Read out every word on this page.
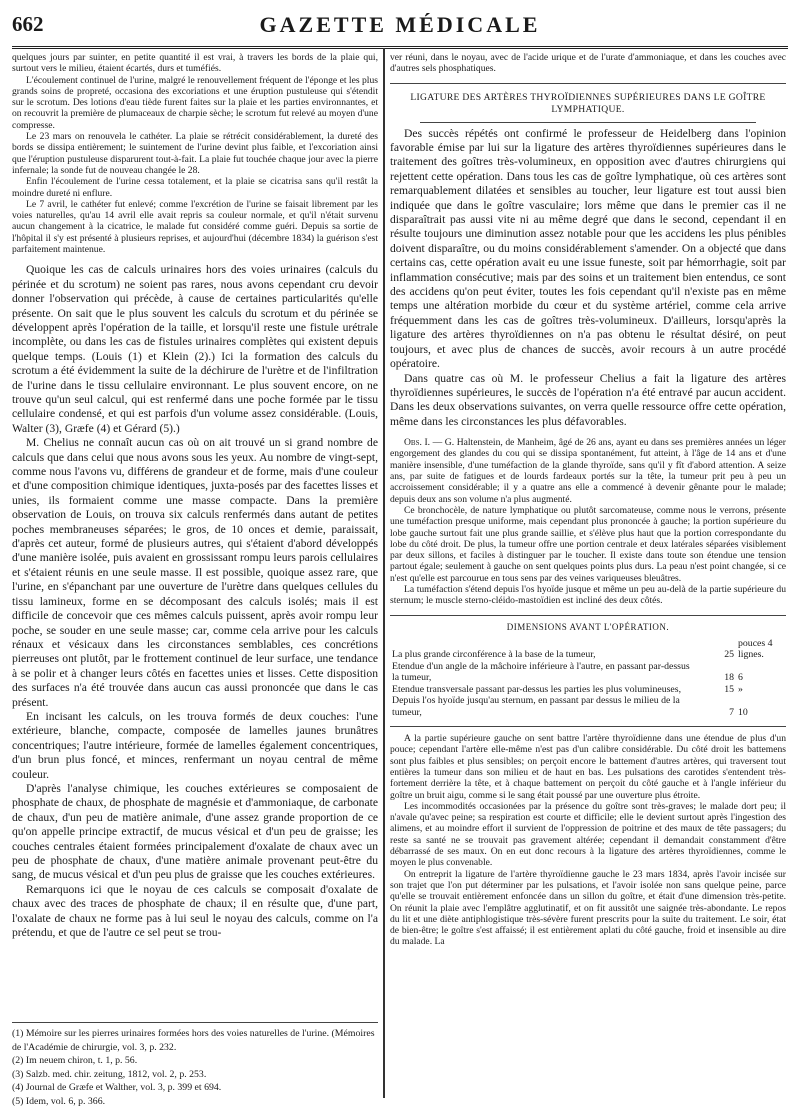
662	GAZETTE MÉDICALE

quelques jours par suinter, en petite quantité il est vrai, à travers les bords de la plaie qui, surtout vers le milieu, étaient écartés, durs et tuméfiés.

L'écoulement continuel de l'urine, malgré le renouvellement fréquent de l'éponge et les plus grands soins de propreté, occasiona des excoriations et une éruption pustuleuse qui s'étendit sur le scrotum. Des lotions d'eau tiède furent faites sur la plaie et les parties environnantes, et on recouvrit la première de plumaceaux de charpie sèche; le scrotum fut relevé au moyen d'une compresse.

Le 23 mars on renouvela le cathéter. La plaie se rétrécit considérablement, la dureté des bords se dissipa entièrement; le suintement de l'urine devint plus faible, et l'excoriation ainsi que l'éruption pustuleuse disparurent tout-à-fait. La plaie fut touchée chaque jour avec la pierre infernale; la sonde fut de nouveau changée le 28.

Enfin l'écoulement de l'urine cessa totalement, et la plaie se cicatrisa sans qu'il restât la moindre dureté ni enflure.

Le 7 avril, le cathéter fut enlevé; comme l'excrétion de l'urine se faisait librement par les voies naturelles, qu'au 14 avril elle avait repris sa couleur normale, et qu'il n'était survenu aucun changement à la cicatrice, le malade fut considéré comme guéri. Depuis sa sortie de l'hôpital il s'y est présenté à plusieurs reprises, et aujourd'hui (décembre 1834) la guérison s'est parfaitement maintenue.

Quoique les cas de calculs urinaires hors des voies urinaires (calculs du périnée et du scrotum) ne soient pas rares, nous avons cependant cru devoir donner l'observation qui précède, à cause de certaines particularités qu'elle présente. On sait que le plus souvent les calculs du scrotum et du périnée se développent après l'opération de la taille, et lorsqu'il reste une fistule urétrale incomplète, ou dans les cas de fistules urinaires complètes qui existent depuis quelque temps. (Louis (1) et Klein (2).) Ici la formation des calculs du scrotum a été évidemment la suite de la déchirure de l'urètre et de l'infiltration de l'urine dans le tissu cellulaire environnant. Le plus souvent encore, on ne trouve qu'un seul calcul, qui est renfermé dans une poche formée par le tissu cellulaire condensé, et qui est parfois d'un volume assez considérable. (Louis, Walter (3), Græfe (4) et Gérard (5).)

M. Chelius ne connaît aucun cas où on ait trouvé un si grand nombre de calculs que dans celui que nous avons sous les yeux. Au nombre de vingt-sept, comme nous l'avons vu, différens de grandeur et de forme, mais d'une couleur et d'une composition chimique identiques, juxta-posés par des facettes lisses et unies, ils formaient comme une masse compacte. Dans la première observation de Louis, on trouva six calculs renfermés dans autant de petites poches membraneuses séparées; le gros, de 10 onces et demie, paraissait, d'après cet auteur, formé de plusieurs autres, qui s'étaient d'abord développés d'une manière isolée, puis avaient en grossissant rompu leurs parois cellulaires et s'étaient réunis en une seule masse. Il est possible, quoique assez rare, que l'urine, en s'épanchant par une ouverture de l'urètre dans quelques cellules du tissu lamineux, forme en se décomposant des calculs isolés; mais il est difficile de concevoir que ces mêmes calculs puissent, après avoir rompu leur poche, se souder en une seule masse; car, comme cela arrive pour les calculs rénaux et vésicaux dans les circonstances semblables, ces concrétions pierreuses ont plutôt, par le frottement continuel de leur surface, une tendance à se polir et à changer leurs côtés en facettes unies et lisses. Cette disposition des surfaces n'a été trouvée dans aucun cas aussi prononcée que dans le cas présent.

En incisant les calculs, on les trouva formés de deux couches: l'une extérieure, blanche, compacte, composée de lamelles jaunes brunâtres concentriques; l'autre intérieure, formée de lamelles également concentriques, d'un brun plus foncé, et minces, renfermant un noyau central de même couleur.

D'après l'analyse chimique, les couches extérieures se composaient de phosphate de chaux, de phosphate de magnésie et d'ammoniaque, de carbonate de chaux, d'un peu de matière animale, d'une assez grande proportion de ce qu'on appelle principe extractif, de mucus vésical et d'un peu de graisse; les couches centrales étaient formées principalement d'oxalate de chaux avec un peu de phosphate de chaux, d'une matière animale provenant peut-être du sang, de mucus vésical et d'un peu plus de graisse que les couches extérieures.

Remarquons ici que le noyau de ces calculs se composait d'oxalate de chaux avec des traces de phosphate de chaux; il en résulte que, d'une part, l'oxalate de chaux ne forme pas à lui seul le noyau des calculs, comme on l'a prétendu, et que de l'autre ce sel peut se trou-

(1) Mémoire sur les pierres urinaires formées hors des voies naturelles de l'urine. (Mémoires de l'Académie de chirurgie, vol. 3, p. 232.
(2) Im neuem chiron, t. 1, p. 56.
(3) Salzb. med. chir. zeitung, 1812, vol. 2, p. 253.
(4) Journal de Græfe et Walther, vol. 3, p. 399 et 694.
(5) Idem, vol. 6, p. 366.

ver réuni, dans le noyau, avec de l'acide urique et de l'urate d'ammoniaque, et dans les couches avec d'autres sels phosphatiques.

LIGATURE DES ARTÈRES THYROÏDIENNES SUPÉRIEURES DANS LE GOÎTRE LYMPHATIQUE.

Des succès répétés ont confirmé le professeur de Heidelberg dans l'opinion favorable émise par lui sur la ligature des artères thyroïdiennes supérieures dans le traitement des goîtres très-volumineux, en opposition avec d'autres chirurgiens qui rejettent cette opération. Dans tous les cas de goître lymphatique, où ces artères sont remarquablement dilatées et sensibles au toucher, leur ligature est tout aussi bien indiquée que dans le goître vasculaire; lors même que dans le premier cas il ne disparaîtrait pas aussi vite ni au même degré que dans le second, cependant il en résulte toujours une diminution assez notable pour que les accidens les plus pénibles doivent disparaître, ou du moins considérablement s'amender. On a objecté que dans certains cas, cette opération avait eu une issue funeste, soit par hémorrhagie, soit par inflammation consécutive; mais par des soins et un traitement bien entendus, ce sont des accidens qu'on peut éviter, toutes les fois cependant qu'il n'existe pas en même temps une altération morbide du cœur et du système artériel, comme cela arrive fréquemment dans les cas de goîtres très-volumineux. D'ailleurs, lorsqu'après la ligature des artères thyroïdiennes on n'a pas obtenu le résultat désiré, on peut toujours, et avec plus de chances de succès, avoir recours à un autre procédé opératoire.

Dans quatre cas où M. le professeur Chelius a fait la ligature des artères thyroïdiennes supérieures, le succès de l'opération n'a été entravé par aucun accident. Dans les deux observations suivantes, on verra quelle ressource offre cette opération, même dans les circonstances les plus défavorables.

Obs. I. — G. Haltenstein, de Manheim, âgé de 26 ans, ayant eu dans ses premières années un léger engorgement des glandes du cou qui se dissipa spontanément, fut atteint, à l'âge de 14 ans et d'une manière insensible, d'une tuméfaction de la glande thyroïde, sans qu'il y fît d'abord attention. A seize ans, par suite de fatigues et de lourds fardeaux portés sur la tête, la tumeur prit peu à peu un accroissement considérable; il y a quatre ans elle a commencé à devenir gênante pour le malade; depuis deux ans son volume n'a plus augmenté.

Ce bronchocèle, de nature lymphatique ou plutôt sarcomateuse, comme nous le verrons, présente une tuméfaction presque uniforme, mais cependant plus prononcée à gauche; la portion supérieure du lobe gauche surtout fait une plus grande saillie, et s'élève plus haut que la portion correspondante du lobe du côté droit. De plus, la tumeur offre une portion centrale et deux latérales séparées visiblement par deux sillons, et faciles à distinguer par le toucher. Il existe dans toute son étendue une tension partout égale; seulement à gauche on sent quelques points plus durs. La peau n'est point changée, si ce n'est qu'elle est parcourue en tous sens par des veines variqueuses bleuâtres.

La tuméfaction s'étend depuis l'os hyoïde jusque et même un peu au-delà de la partie supérieure du sternum; le muscle sterno-cléido-mastoïdien est incliné des deux côtés.

DIMENSIONS AVANT L'OPÉRATION.
La plus grande circonférence à la base de la tumeur,	25	pouces 4 lignes.
Etendue d'un angle de la mâchoire inférieure à l'autre, en passant par-dessus la tumeur,	18	6
Etendue transversale passant par-dessus les parties les plus volumineuses,	15	»
Depuis l'os hyoïde jusqu'au sternum, en passant par dessus le milieu de la tumeur,	7	10

A la partie supérieure gauche on sent battre l'artère thyroïdienne dans une étendue de plus d'un pouce; cependant l'artère elle-même n'est pas d'un calibre considérable. Du côté droit les battemens sont plus faibles et plus sensibles; on perçoit encore le battement d'autres artères, qui traversent tout entières la tumeur dans son milieu et de haut en bas. Les pulsations des carotides s'entendent très-fortement derrière la tête, et à chaque battement on perçoit du côté gauche et à l'angle inférieur du goître un bruit aigu, comme si le sang était poussé par une ouverture plus étroite.

Les incommodités occasionées par la présence du goître sont très-graves; le malade dort peu; il n'avale qu'avec peine; sa respiration est courte et difficile; elle le devient surtout après l'ingestion des alimens, et au moindre effort il survient de l'oppression de poitrine et des maux de tête passagers; du reste sa santé ne se trouvait pas gravement altérée; cependant il demandait constamment d'être débarrassé de ses maux. On en eut donc recours à la ligature des artères thyroïdiennes, comme le moyen le plus convenable.

On entreprit la ligature de l'artère thyroïdienne gauche le 23 mars 1834, après l'avoir incisée sur son trajet que l'on put déterminer par les pulsations, et l'avoir isolée non sans quelque peine, parce qu'elle se trouvait entièrement enfoncée dans un sillon du goître, et était d'une dimension très-petite. On réunit la plaie avec l'emplâtre agglutinatif, et on fit aussitôt une saignée très-abondante. Le repos du lit et une diète antiphlogistique très-sévère furent prescrits pour la suite du traitement. Le soir, état de bien-être; le goître s'est affaissé; il est entièrement aplati du côté gauche, froid et insensible au dire du malade. La
